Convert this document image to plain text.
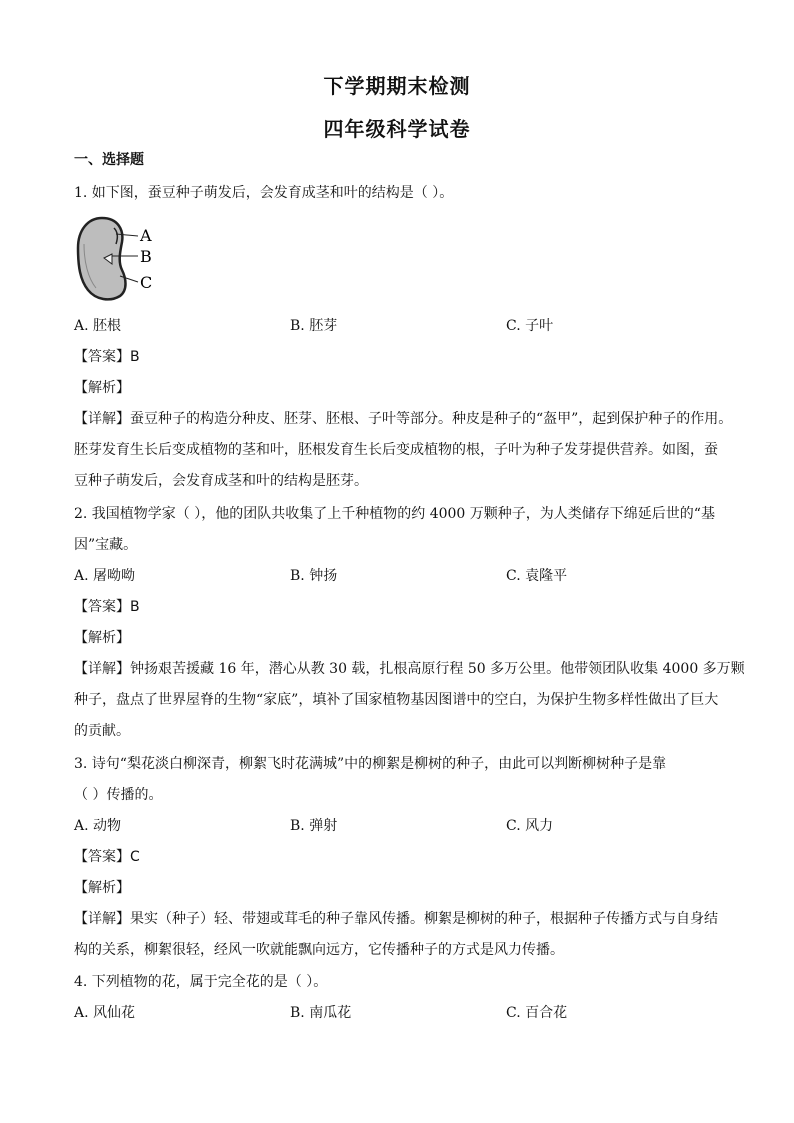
下学期期末检测
四年级科学试卷
一、选择题
1. 如下图，蚕豆种子萌发后，会发育成茎和叶的结构是（ ）。
A
B
C
A. 胚根	B. 胚芽	C. 子叶
【答案】B
【解析】
【详解】蚕豆种子的构造分种皮、胚芽、胚根、子叶等部分。种皮是种子的“盔甲”，起到保护种子的作用。
胚芽发育生长后变成植物的茎和叶，胚根发育生长后变成植物的根，子叶为种子发芽提供营养。如图，蚕
豆种子萌发后，会发育成茎和叶的结构是胚芽。
2. 我国植物学家（ ），他的团队共收集了上千种植物的约 4000 万颗种子，为人类储存下绵延后世的“基
因”宝藏。
A. 屠呦呦	B. 钟扬	C. 袁隆平
【答案】B
【解析】
【详解】钟扬艰苦援藏 16 年，潜心从教 30 载，扎根高原行程 50 多万公里。他带领团队收集 4000 多万颗
种子，盘点了世界屋脊的生物“家底”，填补了国家植物基因图谱中的空白，为保护生物多样性做出了巨大
的贡献。
3. 诗句“梨花淡白柳深青，柳絮飞时花满城”中的柳絮是柳树的种子，由此可以判断柳树种子是靠
（ ）传播的。
A. 动物	B. 弹射	C. 风力
【答案】C
【解析】
【详解】果实（种子）轻、带翅或茸毛的种子靠风传播。柳絮是柳树的种子，根据种子传播方式与自身结
构的关系，柳絮很轻，经风一吹就能飘向远方，它传播种子的方式是风力传播。
4. 下列植物的花，属于完全花的是（ ）。
A. 风仙花	B. 南瓜花	C. 百合花
